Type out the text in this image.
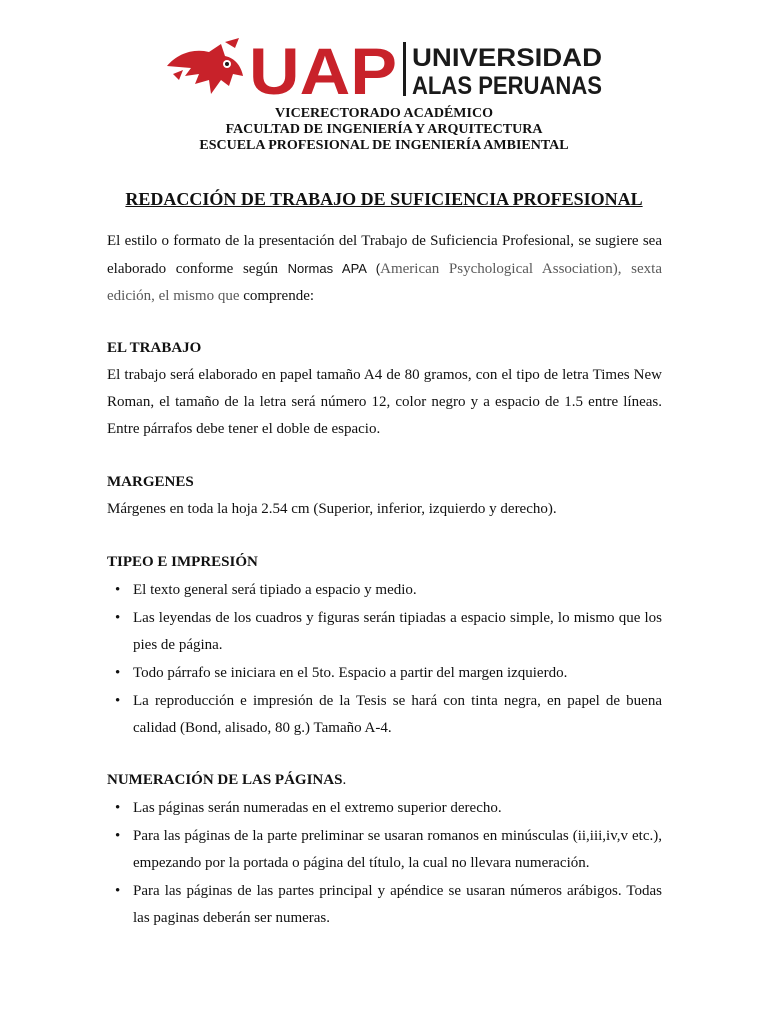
UAP UNIVERSIDAD
ALAS PERUANAS
VICERECTORADO ACADÉMICO
FACULTAD DE INGENIERÍA Y ARQUITECTURA
ESCUELA PROFESIONAL DE INGENIERÍA AMBIENTAL
REDACCIÓN DE TRABAJO DE SUFICIENCIA PROFESIONAL
El estilo o formato de la presentación del Trabajo de Suficiencia Profesional, se sugiere sea elaborado conforme según Normas APA (American Psychological Association), sexta edición, el mismo que comprende:
EL TRABAJO
El trabajo será elaborado en papel tamaño A4 de 80 gramos, con el tipo de letra Times New Roman, el tamaño de la letra será número 12, color negro y a espacio de 1.5 entre líneas. Entre párrafos debe tener el doble de espacio.
MARGENES
Márgenes en toda la hoja 2.54 cm (Superior, inferior, izquierdo y derecho).
TIPEO E IMPRESIÓN
• El texto general será tipiado a espacio y medio.
• Las leyendas de los cuadros y figuras serán tipiadas a espacio simple, lo mismo que los pies de página.
• Todo párrafo se iniciara en el 5to. Espacio a partir del margen izquierdo.
• La reproducción e impresión de la Tesis se hará con tinta negra, en papel de buena calidad (Bond, alisado, 80 g.) Tamaño A-4.
NUMERACIÓN DE LAS PÁGINAS.
• Las páginas serán numeradas en el extremo superior derecho.
• Para las páginas de la parte preliminar se usaran romanos en minúsculas (ii,iii,iv,v etc.), empezando por la portada o página del título, la cual no llevara numeración.
• Para las páginas de las partes principal y apéndice se usaran números arábigos. Todas las paginas deberán ser numeras.
